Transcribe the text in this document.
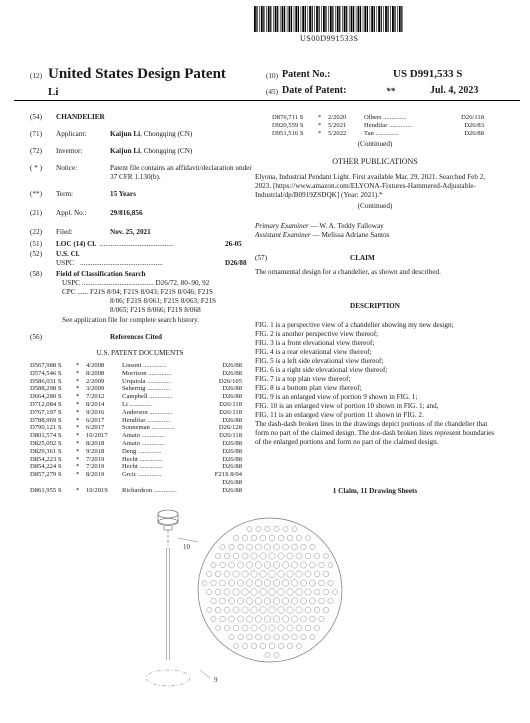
US00D991533S
(12) United States Design Patent
Li
(10) Patent No.:	US D991,533 S
(45) Date of Patent:	**	Jul. 4, 2023
(54)	CHANDELIER
(71)	Applicant:	Kaijun Li, Chongqing (CN)
(72)	Inventor:	Kaijun Li, Chongqing (CN)
( * )	Notice:	Patent file contains an affidavit/declaration under 37 CFR 1.130(b).
(**)	Term:	15 Years
(21)	Appl. No.:	29/816,856
(22)	Filed:	Nov. 25, 2021
(51)	LOC (14) Cl. .........................................	26-05
(52)	U.S. Cl.
USPC ..............................................	D26/88
(58)	Field of Classification Search
USPC ........................................ D26/72, 80–90, 92
CPC ...... F21S 8/04; F21S 8/043; F21S 8/046; F21S
8/06; F21S 8/061; F21S 8/063; F21S
8/065; F21S 8/066; F21S 8/068
See application file for complete search history.
(56)	References Cited
U.S. PATENT DOCUMENTS
D567,988 S	*	4/2008	Lissoni ..............	D26/88
D574,546 S	*	8/2008	Morrison ..............	D26/88
D586,031 S	*	2/2009	Urquiola ..............	D26/105
D588,298 S	*	3/2009	Sabernig ..............	D26/88
D664,280 S	*	7/2012	Campbell ..............	D26/88
D712,084 S	*	8/2014	Li ..............	D26/118
D767,197 S	*	9/2016	Anderson ..............	D26/118
D788,969 S	*	6/2017	Hendifar ..............	D26/88
D790,121 S	*	6/2017	Sonneman ..............	D26/128
D801,574 S	*	10/2017	Amato ..............	D26/118
D825,092 S	*	8/2018	Amato ..............	D26/88
D829,361 S	*	9/2018	Deng ..............	D26/88
D854,223 S	*	7/2019	Hecht ..............	D26/88
D854,224 S	*	7/2019	Hecht ..............	D26/88
D857,279 S	*	8/2019	Grcic ..............	F21S 8/04
D26/88
D861,955 S	*	10/2019	Richardson ..............	D26/88
D876,711 S	*	2/2020	Olbers ..............	D26/118
D920,559 S	*	5/2021	Hendifar ..............	D26/83
D951,516 S	*	5/2022	Tan ..............	D26/88
(Continued)
OTHER PUBLICATIONS
Elyona, Industrial Pendant Light. First available Mar. 29, 2021. Searched Feb 2, 2023. [https://www.amazon.com/ELYONA-Fixtures-Hammered-Adjustable-Industrial/dp/B0919ZSDQK] (Year: 2021).*
(Continued)
Primary Examiner — W. A. Teddy Falloway
Assistant Examiner — Melissa Adriane Santos
(57)	CLAIM
The ornamental design for a chandelier, as shown and described.
DESCRIPTION
FIG. 1 is a perspective view of a chandelier showing my new design;
FIG. 2 is another perspective view thereof;
FIG. 3 is a front elevational view thereof;
FIG. 4 is a rear elevational view thereof;
FIG. 5 is a left side elevational view thereof;
FIG. 6 is a right side elevational view thereof;
FIG. 7 is a top plan view thereof;
FIG. 8 is a bottom plan view thereof;
FIG. 9 is an enlarged view of portion 9 shown in FIG. 1;
FIG. 10 is an enlarged view of portion 10 shown in FIG. 1; and,
FIG. 11 is an enlarged view of portion 11 shown in FIG. 2.
The dash-dash broken lines in the drawings depict portions of the chandelier that form no part of the claimed design. The dot-dash broken lines represent boundaries of the enlarged portions and form no part of the claimed design.
1 Claim, 11 Drawing Sheets
10
9
